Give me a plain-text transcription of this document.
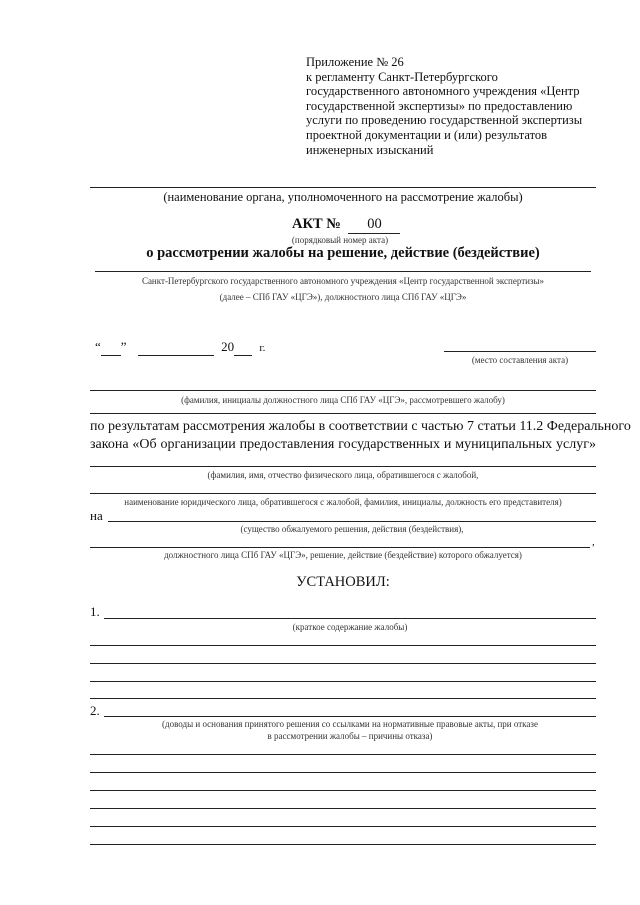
Приложение № 26
к регламенту Санкт-Петербургского
государственного автономного учреждения «Центр
государственной экспертизы» по предоставлению
услуги по проведению государственной экспертизы
проектной документации и (или) результатов
инженерных изысканий
(наименование органа, уполномоченного на рассмотрение жалобы)
АКТ № 00
(порядковый номер акта)
о рассмотрении жалобы на решение, действие (бездействие)
Санкт-Петербургского государственного автономного учреждения «Центр государственной экспертизы»
(далее – СПб ГАУ «ЦГЭ»), должностного лица СПб ГАУ «ЦГЭ»
“ ”	20 г.
(место составления акта)
(фамилия, инициалы должностного лица СПб ГАУ «ЦГЭ», рассмотревшего жалобу)
по результатам рассмотрения жалобы в соответствии с частью 7 статьи 11.2 Федерального
закона «Об организации предоставления государственных и муниципальных услуг»
(фамилия, имя, отчество физического лица, обратившегося с жалобой,
наименование юридического лица, обратившегося с жалобой, фамилия, инициалы, должность его представителя)
на
(существо обжалуемого решения, действия (бездействия),
,
должностного лица СПб ГАУ «ЦГЭ», решение, действие (бездействие) которого обжалуется)
УСТАНОВИЛ:
1.
(краткое содержание жалобы)
2.
(доводы и основания принятого решения со ссылками на нормативные правовые акты, при отказе
в рассмотрении жалобы – причины отказа)
